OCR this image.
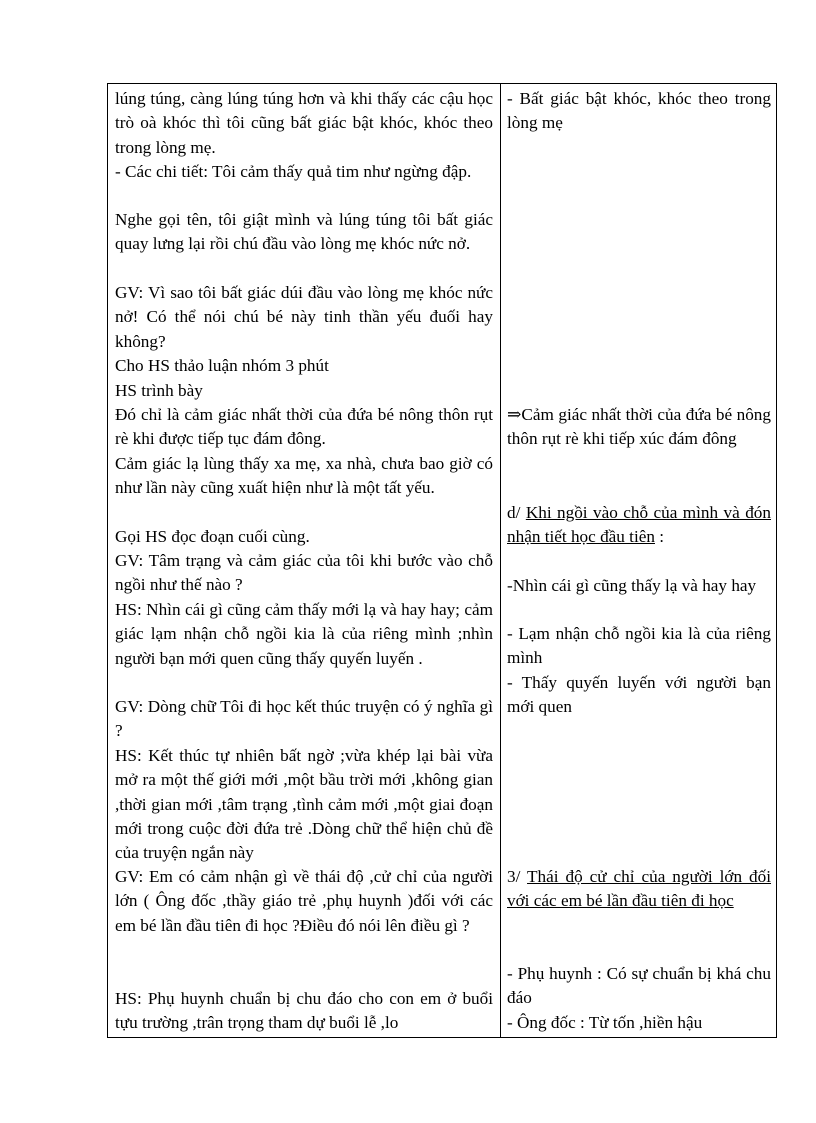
lúng túng, càng lúng túng hơn và khi thấy các cậu học trò oà khóc thì tôi cũng bất giác bật khóc, khóc theo trong lòng mẹ.

- Các chi tiết: Tôi cảm thấy quả tim như ngừng đập.

Nghe gọi tên, tôi giật mình và lúng túng tôi bất giác quay lưng lại rồi chú đầu vào lòng mẹ khóc nức nở.

GV: Vì sao tôi bất giác dúi đầu vào lòng mẹ khóc nức nở! Có thể nói chú bé này tinh thần yếu đuối hay không?

Cho HS thảo luận nhóm 3 phút

HS trình bày

Đó chỉ là cảm giác nhất thời của đứa bé nông thôn rụt rè khi được tiếp tục đám đông.

Cảm giác lạ lùng thấy xa mẹ, xa nhà, chưa bao giờ có như lần này cũng xuất hiện như là một tất yếu.

Gọi HS đọc đoạn cuối cùng.

GV: Tâm trạng và cảm giác của tôi khi bước vào chỗ ngồi như thế nào ?

HS: Nhìn cái gì cũng cảm thấy mới lạ và hay hay; cảm giác lạm nhận chỗ ngồi kia là của riêng mình ;nhìn người bạn mới quen cũng thấy quyến luyến .

GV: Dòng chữ Tôi đi học kết thúc truyện có ý nghĩa gì ?

HS: Kết thúc tự nhiên bất ngờ ;vừa khép lại bài vừa mở ra một thế giới mới ,một bầu trời mới ,không gian ,thời gian mới ,tâm trạng ,tình cảm mới ,một giai đoạn mới trong cuộc đời đứa trẻ .Dòng chữ thể hiện chủ đề của truyện ngắn này

GV: Em có cảm nhận gì về thái độ ,cử chỉ của người lớn ( Ông đốc ,thầy giáo trẻ ,phụ huynh )đối với các em bé lần đầu tiên đi học ?Điều đó nói lên điều gì ?

HS: Phụ huynh chuẩn bị chu đáo cho con em ở buổi tựu trường ,trân trọng tham dự buổi lễ ,lo

- Bất giác bật khóc, khóc theo trong lòng mẹ

⇒Cảm giác nhất thời của đứa bé nông thôn rụt rè khi tiếp xúc đám đông

d/ Khi ngồi vào chỗ của mình và đón nhận tiết học đầu tiên :

-Nhìn cái gì cũng thấy lạ và hay hay

- Lạm nhận chỗ ngồi kia là của riêng mình

- Thấy quyến luyến với người bạn mới quen

3/ Thái độ cử chỉ của người lớn đối với các em bé lần đầu tiên đi học

- Phụ huynh : Có sự chuẩn bị khá chu đáo

- Ông đốc : Từ tốn ,hiền hậu
